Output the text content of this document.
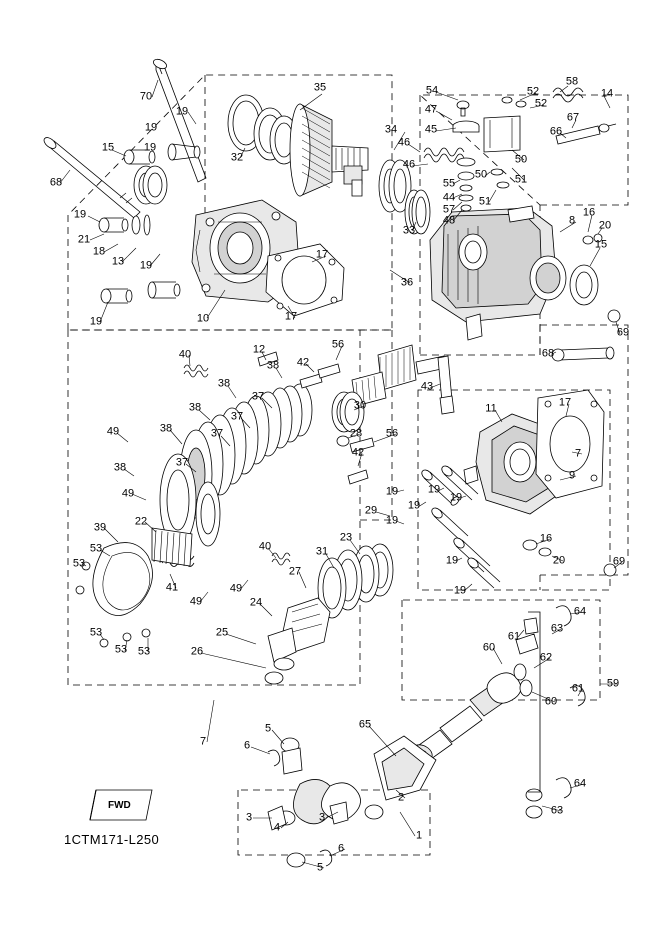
70
19
35	54	52
58
14
47	52
19	34	45
67
46
66
15	19
32
46	50
55
50	51
68
44
57
51
19	48	8
16
20
21
18
13
15
19
17
33
36
10	17
19
69
40	12	56
42
68
38
38
37
43
11	17
38	30
37
49	38	37	28 56
7
38	37
42
9
49	19
19
19
19
29
19
39	22
16
53	31
23
19	20
53
40
27
19
69
41
49
49
24
64
63
61
53
53 53
25
60
62
59
26
61
60
65
7
5
6
64
2
63
3	3
4
1
6
5
1CTM171-L250
FWD
